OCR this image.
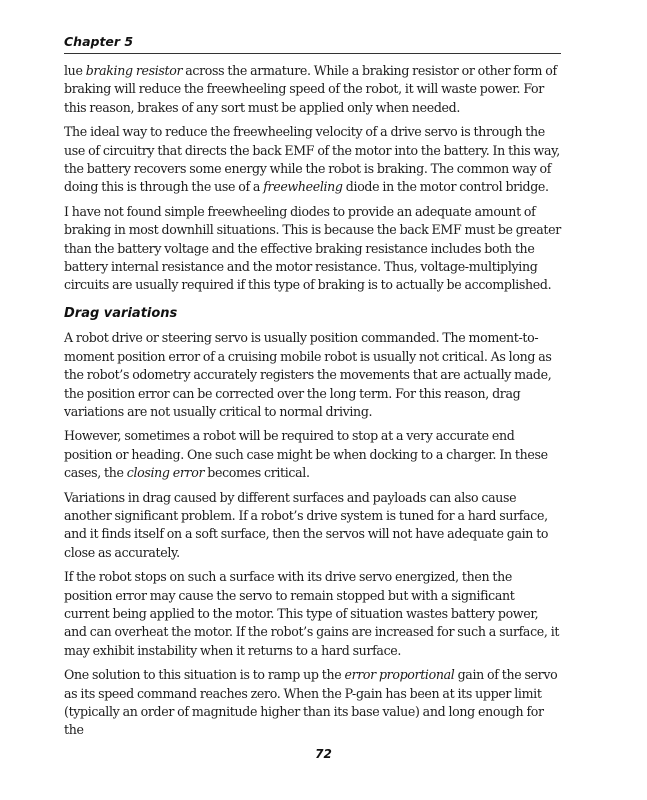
Chapter 5

lue braking resistor across the armature. While a braking resistor or other form of braking will reduce the freewheeling speed of the robot, it will waste power. For this reason, brakes of any sort must be applied only when needed.

The ideal way to reduce the freewheeling velocity of a drive servo is through the use of circuitry that directs the back EMF of the motor into the battery. In this way, the battery recovers some energy while the robot is braking. The common way of doing this is through the use of a freewheeling diode in the motor control bridge.

I have not found simple freewheeling diodes to provide an adequate amount of braking in most downhill situations. This is because the back EMF must be greater than the battery voltage and the effective braking resistance includes both the battery internal resistance and the motor resistance. Thus, voltage-multiplying circuits are usually required if this type of braking is to actually be accomplished.

Drag variations

A robot drive or steering servo is usually position commanded. The moment-to-moment position error of a cruising mobile robot is usually not critical. As long as the robot’s odometry accurately registers the movements that are actually made, the position error can be corrected over the long term. For this reason, drag variations are not usually critical to normal driving.

However, sometimes a robot will be required to stop at a very accurate end position or heading. One such case might be when docking to a charger. In these cases, the closing error becomes critical.

Variations in drag caused by different surfaces and payloads can also cause another significant problem. If a robot’s drive system is tuned for a hard surface, and it finds itself on a soft surface, then the servos will not have adequate gain to close as accurately.

If the robot stops on such a surface with its drive servo energized, then the position error may cause the servo to remain stopped but with a significant current being applied to the motor. This type of situation wastes battery power, and can overheat the motor. If the robot’s gains are increased for such a surface, it may exhibit instability when it returns to a hard surface.

One solution to this situation is to ramp up the error proportional gain of the servo as its speed command reaches zero. When the P-gain has been at its upper limit (typically an order of magnitude higher than its base value) and long enough for the

72
